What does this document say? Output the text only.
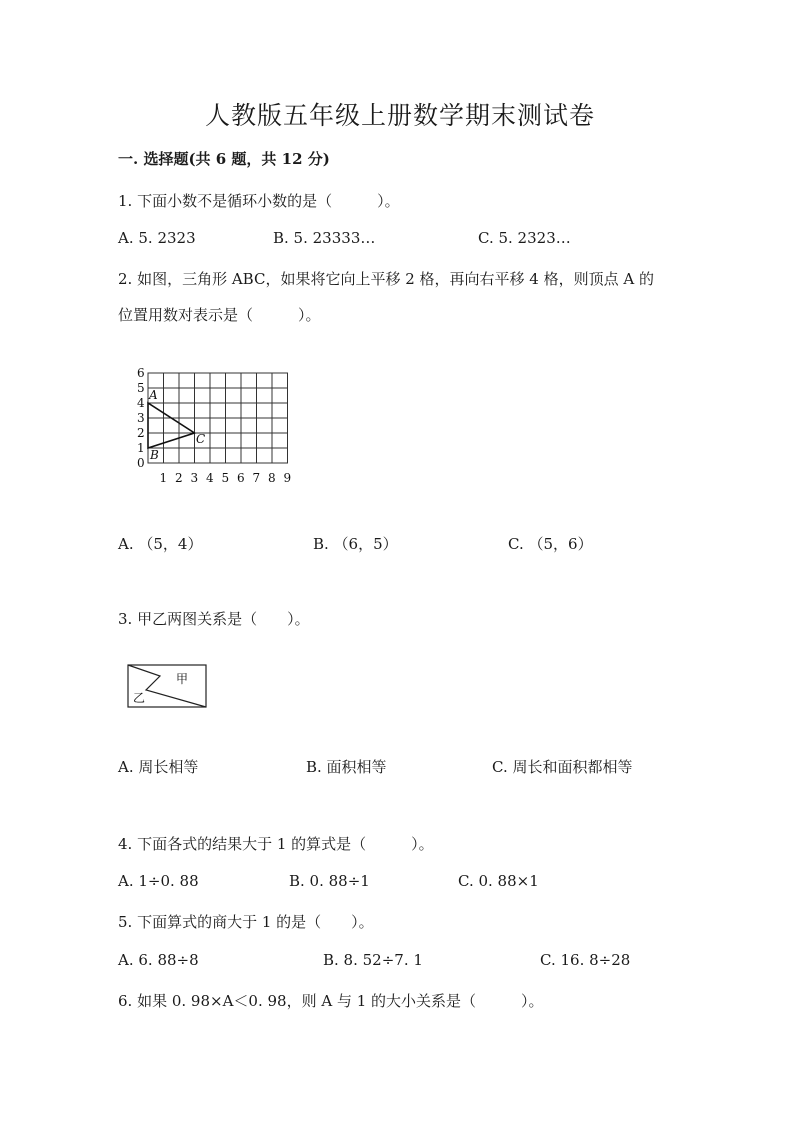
人教版五年级上册数学期末测试卷
一. 选择题(共 6 题，共 12 分)
1. 下面小数不是循环小数的是（　　　）。
A. 5. 2323	B. 5. 23333…	C. 5. 2323…
2. 如图，三角形 ABC，如果将它向上平移 2 格，再向右平移 4 格，则顶点 A 的
位置用数对表示是（　　　）。
6
5
4
3
2
1
0
1 2 3 4 5 6 7 8 9
A
B
C
A. （5，4）	B. （6，5）	C. （5，6）
3. 甲乙两图关系是（　　）。
甲
乙
A. 周长相等	B. 面积相等	C. 周长和面积都相等
4. 下面各式的结果大于 1 的算式是（　　　）。
A. 1÷0. 88	B. 0. 88÷1	C. 0. 88×1
5. 下面算式的商大于 1 的是（　　）。
A. 6. 88÷8	B. 8. 52÷7. 1	C. 16. 8÷28
6. 如果 0. 98×A＜0. 98，则 A 与 1 的大小关系是（　　　）。
